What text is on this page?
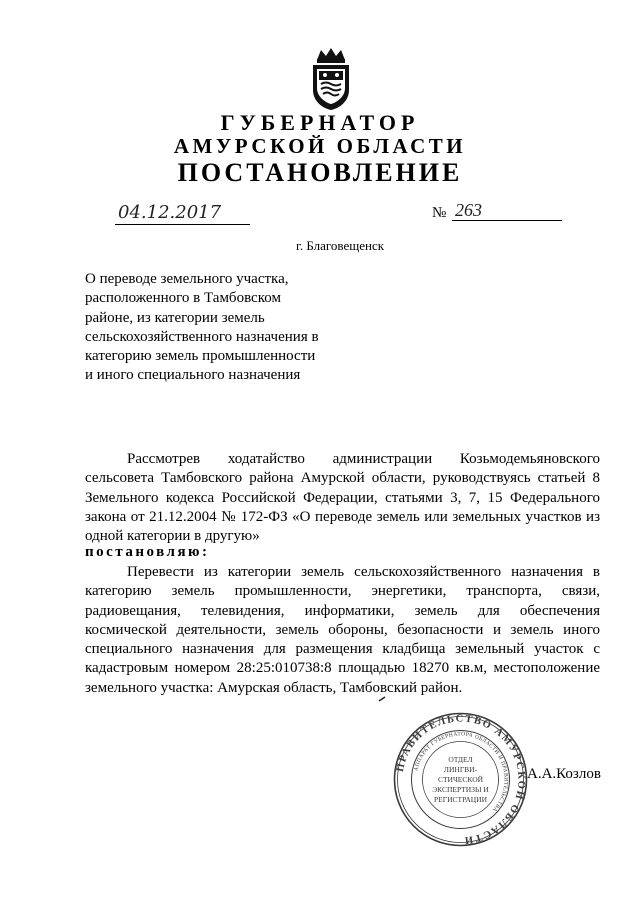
ГУБЕРНАТОР
АМУРСКОЙ ОБЛАСТИ
ПОСТАНОВЛЕНИЕ
04.12.2017	№ 263
г. Благовещенск
О переводе земельного участка, расположенного в Тамбовском районе, из категории земель сельскохозяйственного назначения в категорию земель промышленности и иного специального назначения
Рассмотрев ходатайство администрации Козьмодемьяновского сельсовета Тамбовского района Амурской области, руководствуясь статьей 8 Земельного кодекса Российской Федерации, статьями 3, 7, 15 Федерального закона от 21.12.2004 № 172-ФЗ «О переводе земель или земельных участков из одной категории в другую»
постановляю:
Перевести из категории земель сельскохозяйственного назначения в категорию земель промышленности, энергетики, транспорта, связи, радиовещания, телевидения, информатики, земель для обеспечения космической деятельности, земель обороны, безопасности и земель иного специального назначения для размещения кладбища земельный участок с кадастровым номером 28:25:010738:8 площадью 18270 кв.м, местоположение земельного участка: Амурская область, Тамбовский район.
ПРАВИТЕЛЬСТВО АМУРСКОЙ ОБЛАСТИ
АППАРАТ ГУБЕРНАТОРА ОБЛАСТИ И ПРАВИТЕЛЬСТВА
ОТДЕЛ
ЛИНГВИ-
СТИЧЕСКОЙ
ЭКСПЕРТИЗЫ И
РЕГИСТРАЦИИ
А.А.Козлов
